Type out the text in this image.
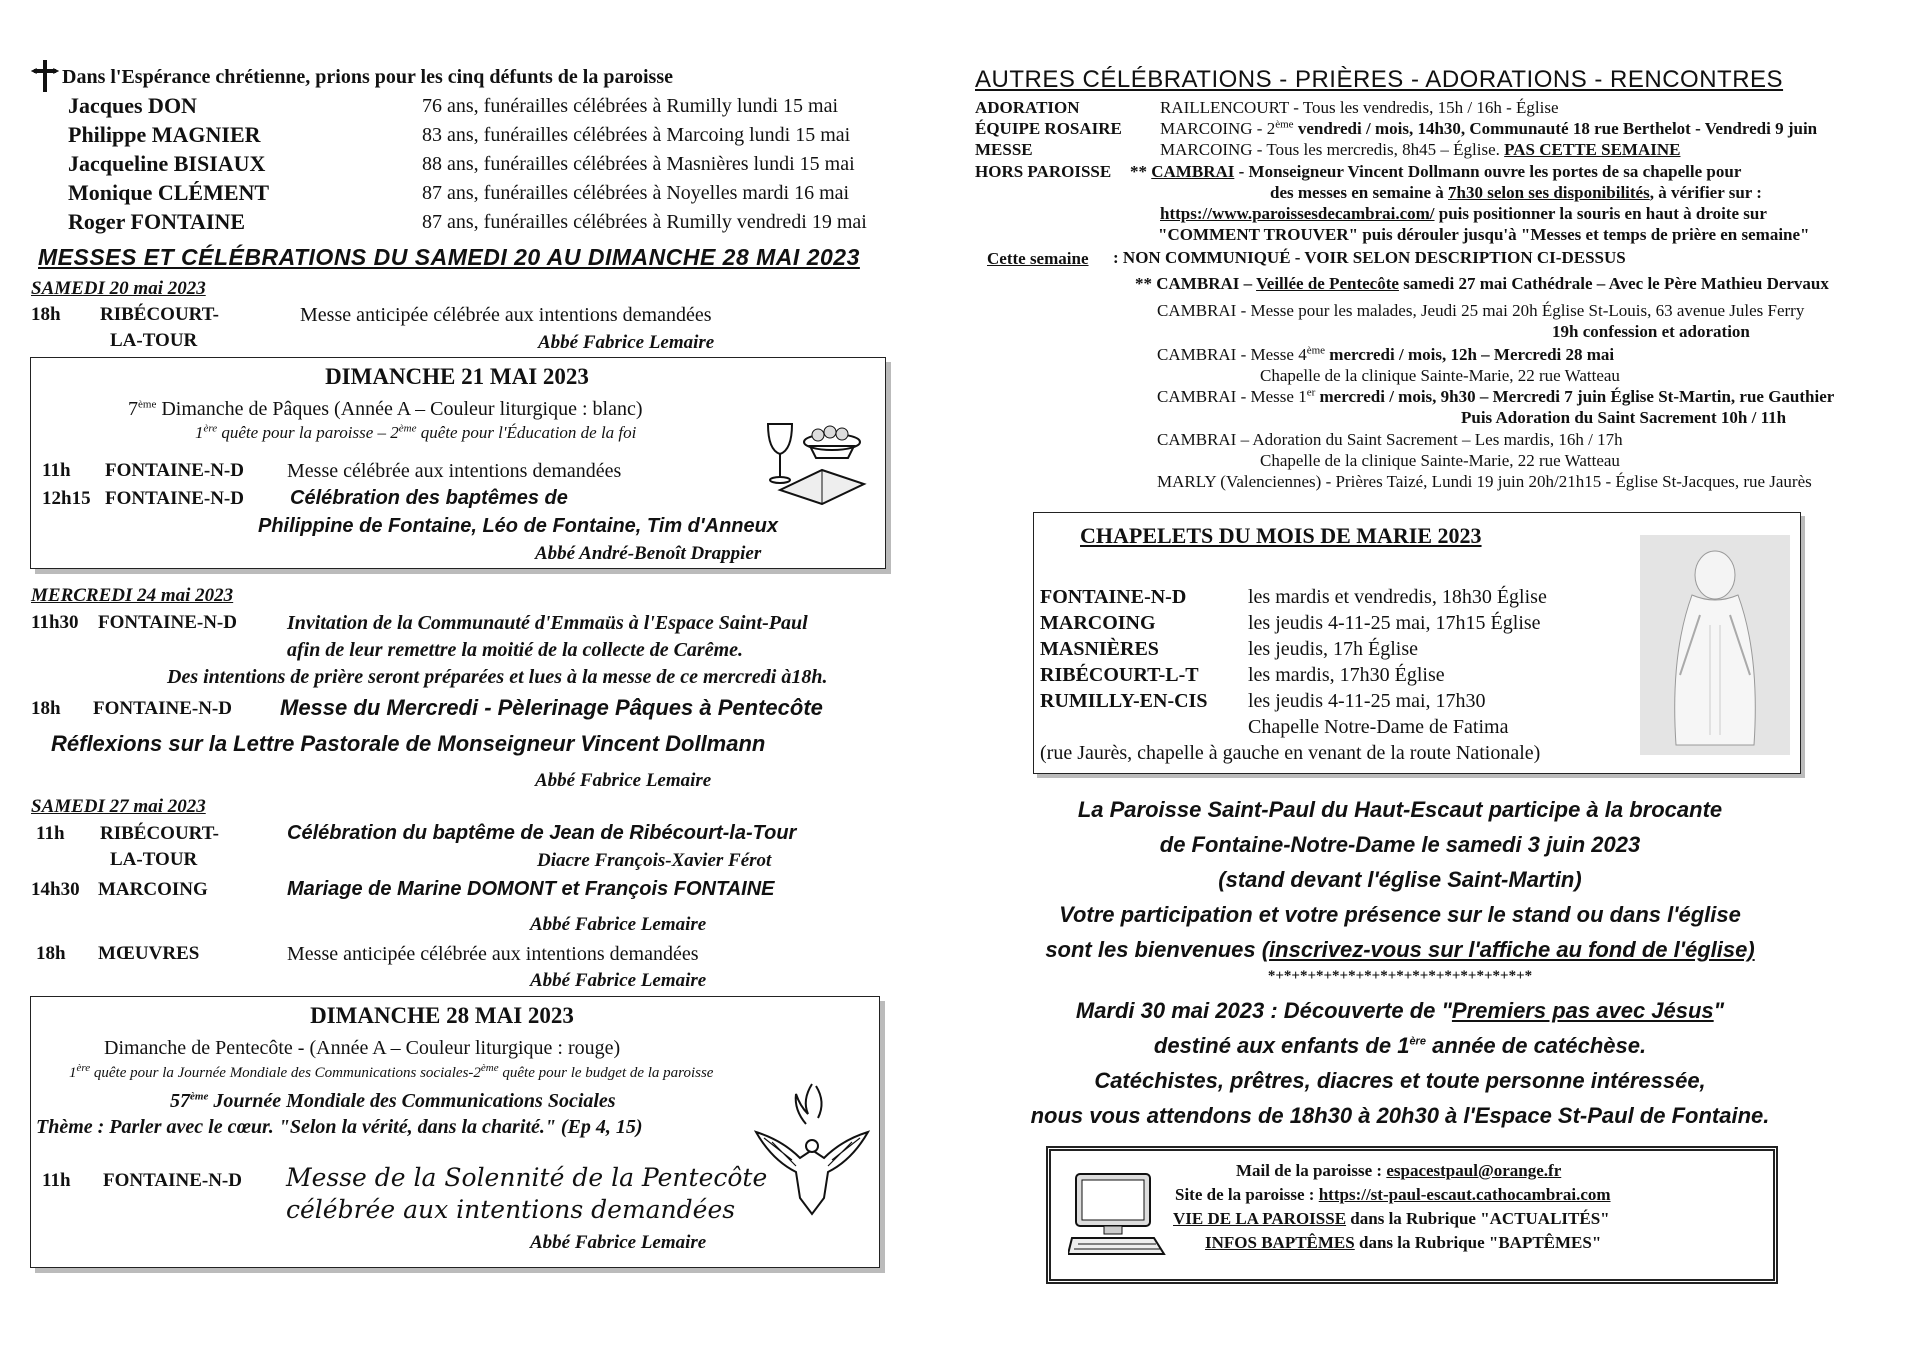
Dans l'Espérance chrétienne, prions pour les cinq défunts de la paroisse
Jacques DON	76 ans, funérailles célébrées à Rumilly lundi 15 mai
Philippe MAGNIER	83 ans, funérailles célébrées à Marcoing lundi 15 mai
Jacqueline BISIAUX	88 ans, funérailles célébrées à Masnières lundi 15 mai
Monique CLÉMENT	87 ans, funérailles célébrées à Noyelles mardi 16 mai
Roger FONTAINE	87 ans, funérailles célébrées à Rumilly vendredi 19 mai
MESSES ET CÉLÉBRATIONS DU SAMEDI 20 AU DIMANCHE 28 MAI 2023
SAMEDI 20 mai 2023
18h RIBÉCOURT-
LA-TOUR
Messe anticipée célébrée aux intentions demandées
Abbé Fabrice Lemaire
DIMANCHE 21 MAI 2023
7ème Dimanche de Pâques (Année A – Couleur liturgique : blanc)
1ère quête pour la paroisse – 2ème quête pour l'Éducation de la foi
11h FONTAINE-N-D Messe célébrée aux intentions demandées
12h15 FONTAINE-N-D Célébration des baptêmes de
Philippine de Fontaine, Léo de Fontaine, Tim d'Anneux
Abbé André-Benoît Drappier
MERCREDI 24 mai 2023
11h30 FONTAINE-N-D	Invitation de la Communauté d'Emmaüs à l'Espace Saint-Paul
afin de leur remettre la moitié de la collecte de Carême.
Des intentions de prière seront préparées et lues à la messe de ce mercredi à18h.
18h FONTAINE-N-D Messe du Mercredi - Pèlerinage Pâques à Pentecôte
Réflexions sur la Lettre Pastorale de Monseigneur Vincent Dollmann
Abbé Fabrice Lemaire
SAMEDI 27 mai 2023
11h RIBÉCOURT-
LA-TOUR
Célébration du baptême de Jean de Ribécourt-la-Tour
Diacre François-Xavier Férot
14h30 MARCOING	Mariage de Marine DOMONT et François FONTAINE
Abbé Fabrice Lemaire
18h MŒUVRES	Messe anticipée célébrée aux intentions demandées
Abbé Fabrice Lemaire
DIMANCHE 28 MAI 2023
Dimanche de Pentecôte - (Année A – Couleur liturgique : rouge)
1ère quête pour la Journée Mondiale des Communications sociales-2ème quête pour le budget de la paroisse
57ème Journée Mondiale des Communications Sociales
Thème : Parler avec le cœur. "Selon la vérité, dans la charité." (Ep 4, 15)
11h FONTAINE-N-D Messe de la Solennité de la Pentecôte
célébrée aux intentions demandées
Abbé Fabrice Lemaire
AUTRES CÉLÉBRATIONS - PRIÈRES - ADORATIONS - RENCONTRES
ADORATION	RAILLENCOURT - Tous les vendredis, 15h / 16h - Église
ÉQUIPE ROSAIRE MARCOING - 2ème vendredi / mois, 14h30, Communauté 18 rue Berthelot - Vendredi 9 juin
MESSE	MARCOING - Tous les mercredis, 8h45 – Église. PAS CETTE SEMAINE
HORS PAROISSE ** CAMBRAI - Monseigneur Vincent Dollmann ouvre les portes de sa chapelle pour
des messes en semaine à 7h30 selon ses disponibilités, à vérifier sur :
https://www.paroissesdecambrai.com/ puis positionner la souris en haut à droite sur
"COMMENT TROUVER" puis dérouler jusqu'à "Messes et temps de prière en semaine"
Cette semaine : NON COMMUNIQUÉ - VOIR SELON DESCRIPTION CI-DESSUS
** CAMBRAI – Veillée de Pentecôte samedi 27 mai Cathédrale – Avec le Père Mathieu Dervaux
CAMBRAI - Messe pour les malades, Jeudi 25 mai 20h Église St-Louis, 63 avenue Jules Ferry
19h confession et adoration
CAMBRAI - Messe 4ème mercredi / mois, 12h – Mercredi 28 mai
Chapelle de la clinique Sainte-Marie, 22 rue Watteau
CAMBRAI - Messe 1er mercredi / mois, 9h30 – Mercredi 7 juin Église St-Martin, rue Gauthier
Puis Adoration du Saint Sacrement 10h / 11h
CAMBRAI – Adoration du Saint Sacrement – Les mardis, 16h / 17h
Chapelle de la clinique Sainte-Marie, 22 rue Watteau
MARLY (Valenciennes) - Prières Taizé, Lundi 19 juin 20h/21h15 - Église St-Jacques, rue Jaurès
CHAPELETS DU MOIS DE MARIE 2023
FONTAINE-N-D	les mardis et vendredis, 18h30 Église
MARCOING	les jeudis 4-11-25 mai, 17h15 Église
MASNIÈRES	les jeudis, 17h Église
RIBÉCOURT-L-T les mardis, 17h30 Église
RUMILLY-EN-CIS les jeudis 4-11-25 mai, 17h30
Chapelle Notre-Dame de Fatima
(rue Jaurès, chapelle à gauche en venant de la route Nationale)
La Paroisse Saint-Paul du Haut-Escaut participe à la brocante
de Fontaine-Notre-Dame le samedi 3 juin 2023
(stand devant l'église Saint-Martin)
Votre participation et votre présence sur le stand ou dans l'église
sont les bienvenues (inscrivez-vous sur l'affiche au fond de l'église)
*+*+*+*+*+*+*+*+*+*+*+*+*+*+*+*+*
Mardi 30 mai 2023 : Découverte de "Premiers pas avec Jésus"
destiné aux enfants de 1ère année de catéchèse.
Catéchistes, prêtres, diacres et toute personne intéressée,
nous vous attendons de 18h30 à 20h30 à l'Espace St-Paul de Fontaine.
Mail de la paroisse : espacestpaul@orange.fr
Site de la paroisse : https://st-paul-escaut.cathocambrai.com
VIE DE LA PAROISSE dans la Rubrique "ACTUALITÉS"
INFOS BAPTÊMES dans la Rubrique "BAPTÊMES"
